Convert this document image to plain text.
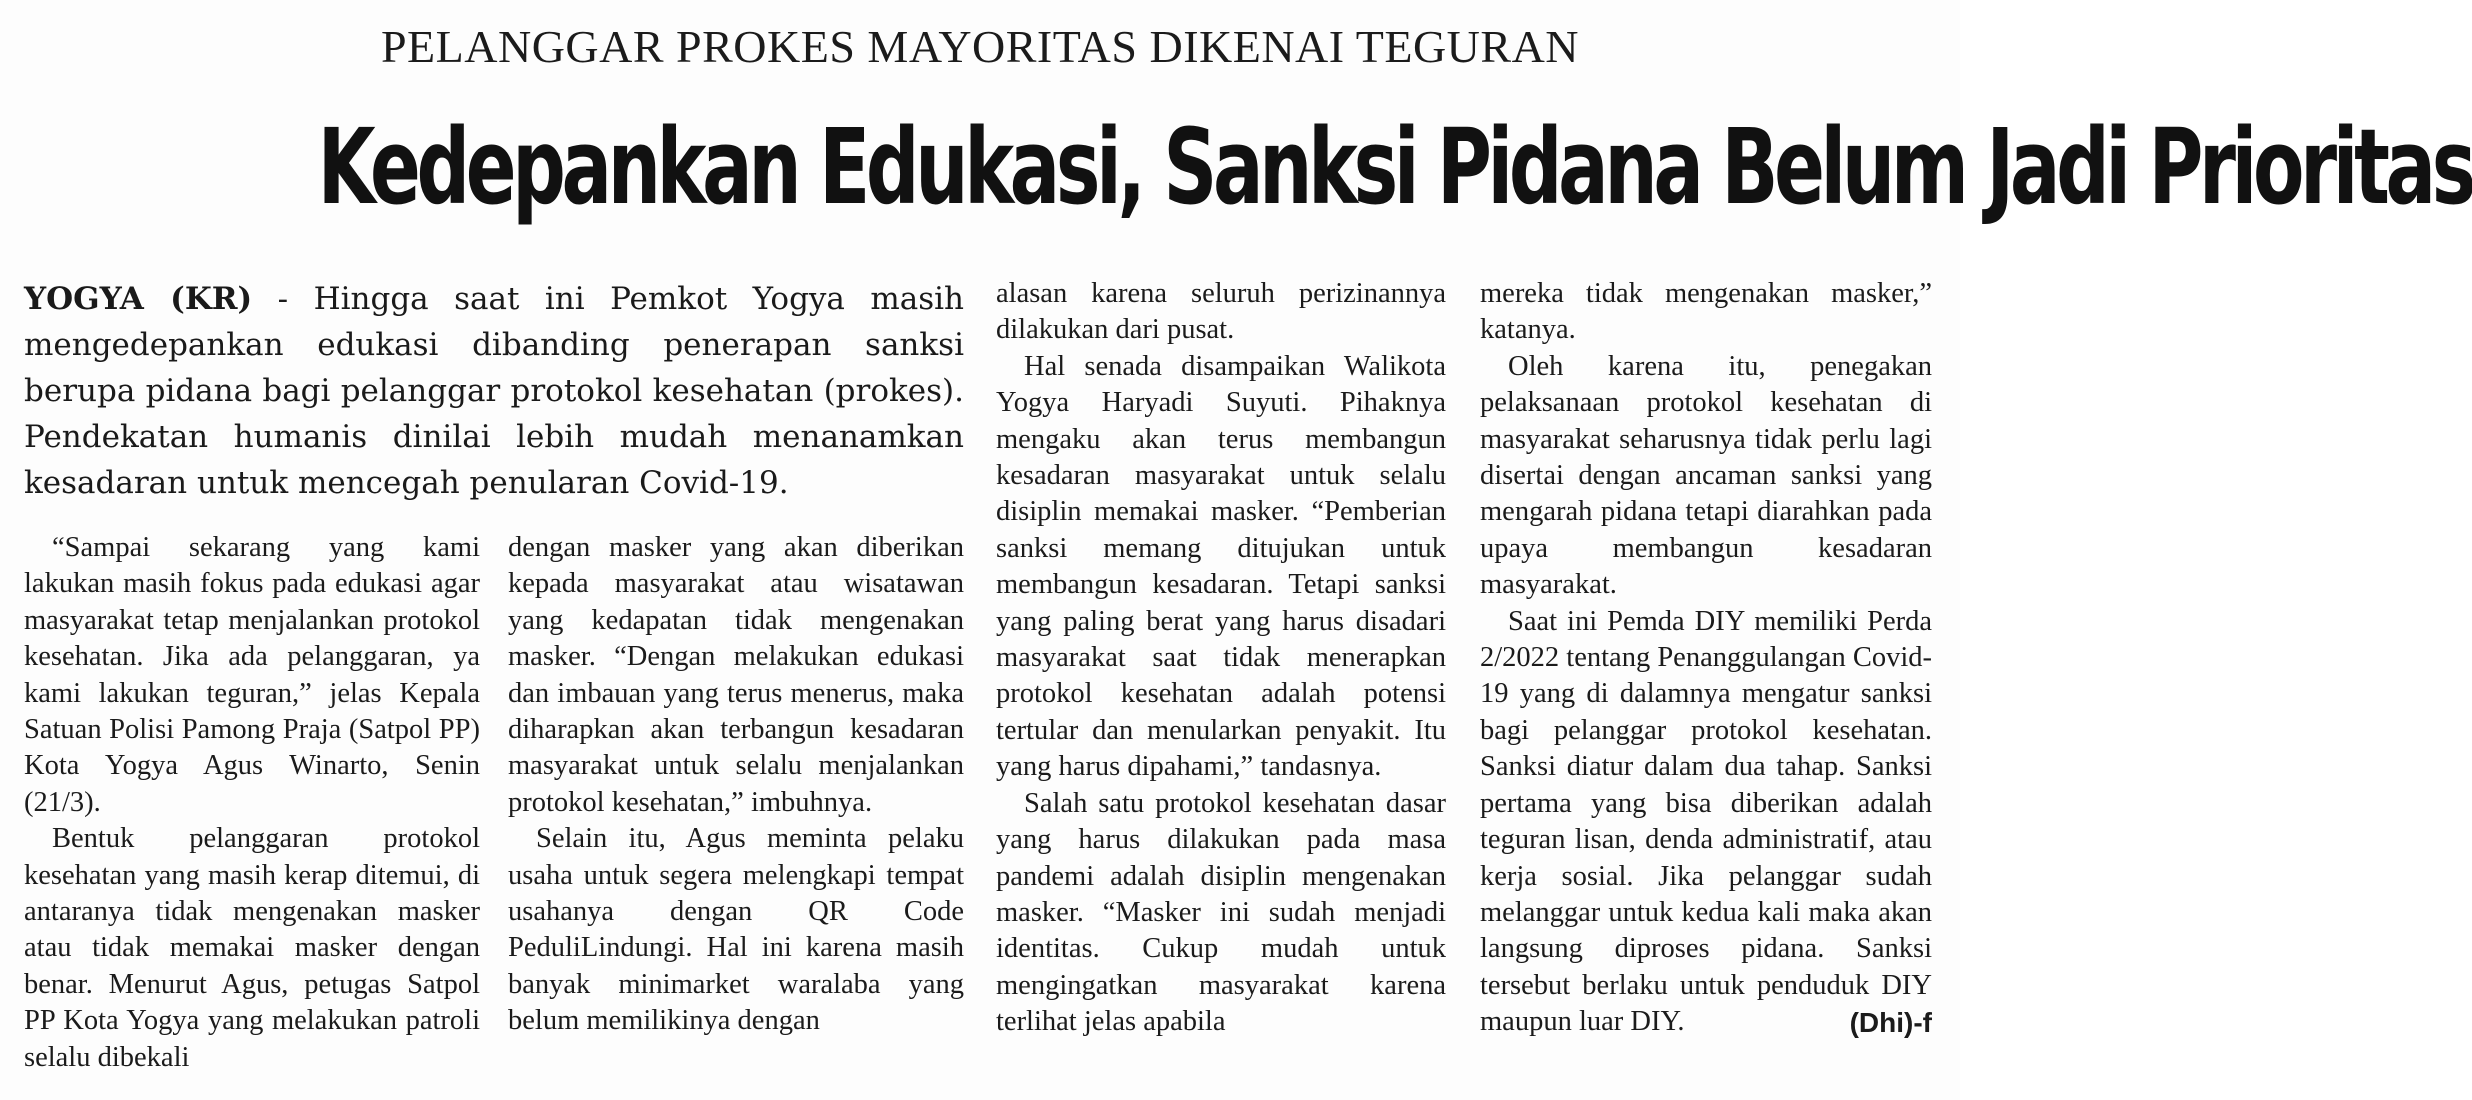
PELANGGAR PROKES MAYORITAS DIKENAI TEGURAN
Kedepankan Edukasi, Sanksi Pidana Belum Jadi Prioritas
YOGYA (KR) - Hingga saat ini Pemkot Yogya masih mengedepankan edukasi dibanding penerapan sanksi berupa pidana bagi pelanggar protokol kesehatan (prokes). Pendekatan humanis dinilai lebih mudah menanamkan kesadaran untuk mencegah penularan Covid-19.

“Sampai sekarang yang kami lakukan masih fokus pada edukasi agar masyarakat tetap menjalankan protokol kesehatan. Jika ada pelanggaran, ya kami lakukan teguran,” jelas Kepala Satuan Polisi Pamong Praja (Satpol PP) Kota Yogya Agus Winarto, Senin (21/3).

Bentuk pelanggaran protokol kesehatan yang masih kerap ditemui, di antaranya tidak mengenakan masker atau tidak memakai masker dengan benar. Menurut Agus, petugas Satpol PP Kota Yogya yang melakukan patroli selalu dibekali

dengan masker yang akan diberikan kepada masyarakat atau wisatawan yang kedapatan tidak mengenakan masker. “Dengan melakukan edukasi dan imbauan yang terus menerus, maka diharapkan akan terbangun kesadaran masyarakat untuk selalu menjalankan protokol kesehatan,” imbuhnya.

Selain itu, Agus meminta pelaku usaha untuk segera melengkapi tempat usahanya dengan QR Code PeduliLindungi. Hal ini karena masih banyak minimarket waralaba yang belum memilikinya dengan

alasan karena seluruh perizinannya dilakukan dari pusat.

Hal senada disampaikan Walikota Yogya Haryadi Suyuti. Pihaknya mengaku akan terus membangun kesadaran masyarakat untuk selalu disiplin memakai masker. “Pemberian sanksi memang ditujukan untuk membangun kesadaran. Tetapi sanksi yang paling berat yang harus disadari masyarakat saat tidak menerapkan protokol kesehatan adalah potensi tertular dan menularkan penyakit. Itu yang harus dipahami,” tandasnya.

Salah satu protokol kesehatan dasar yang harus dilakukan pada masa pandemi adalah disiplin mengenakan masker. “Masker ini sudah menjadi identitas. Cukup mudah untuk mengingatkan masyarakat karena terlihat jelas apabila

mereka tidak mengenakan masker,” katanya.

Oleh karena itu, penegakan pelaksanaan protokol kesehatan di masyarakat seharusnya tidak perlu lagi disertai dengan ancaman sanksi yang mengarah pidana tetapi diarahkan pada upaya membangun kesadaran masyarakat.

Saat ini Pemda DIY memiliki Perda 2/2022 tentang Penanggulangan Covid-19 yang di dalamnya mengatur sanksi bagi pelanggar protokol kesehatan. Sanksi diatur dalam dua tahap. Sanksi pertama yang bisa diberikan adalah teguran lisan, denda administratif, atau kerja sosial. Jika pelanggar sudah melanggar untuk kedua kali maka akan langsung diproses pidana. Sanksi tersebut berlaku untuk penduduk DIY maupun luar DIY.	(Dhi)-f
